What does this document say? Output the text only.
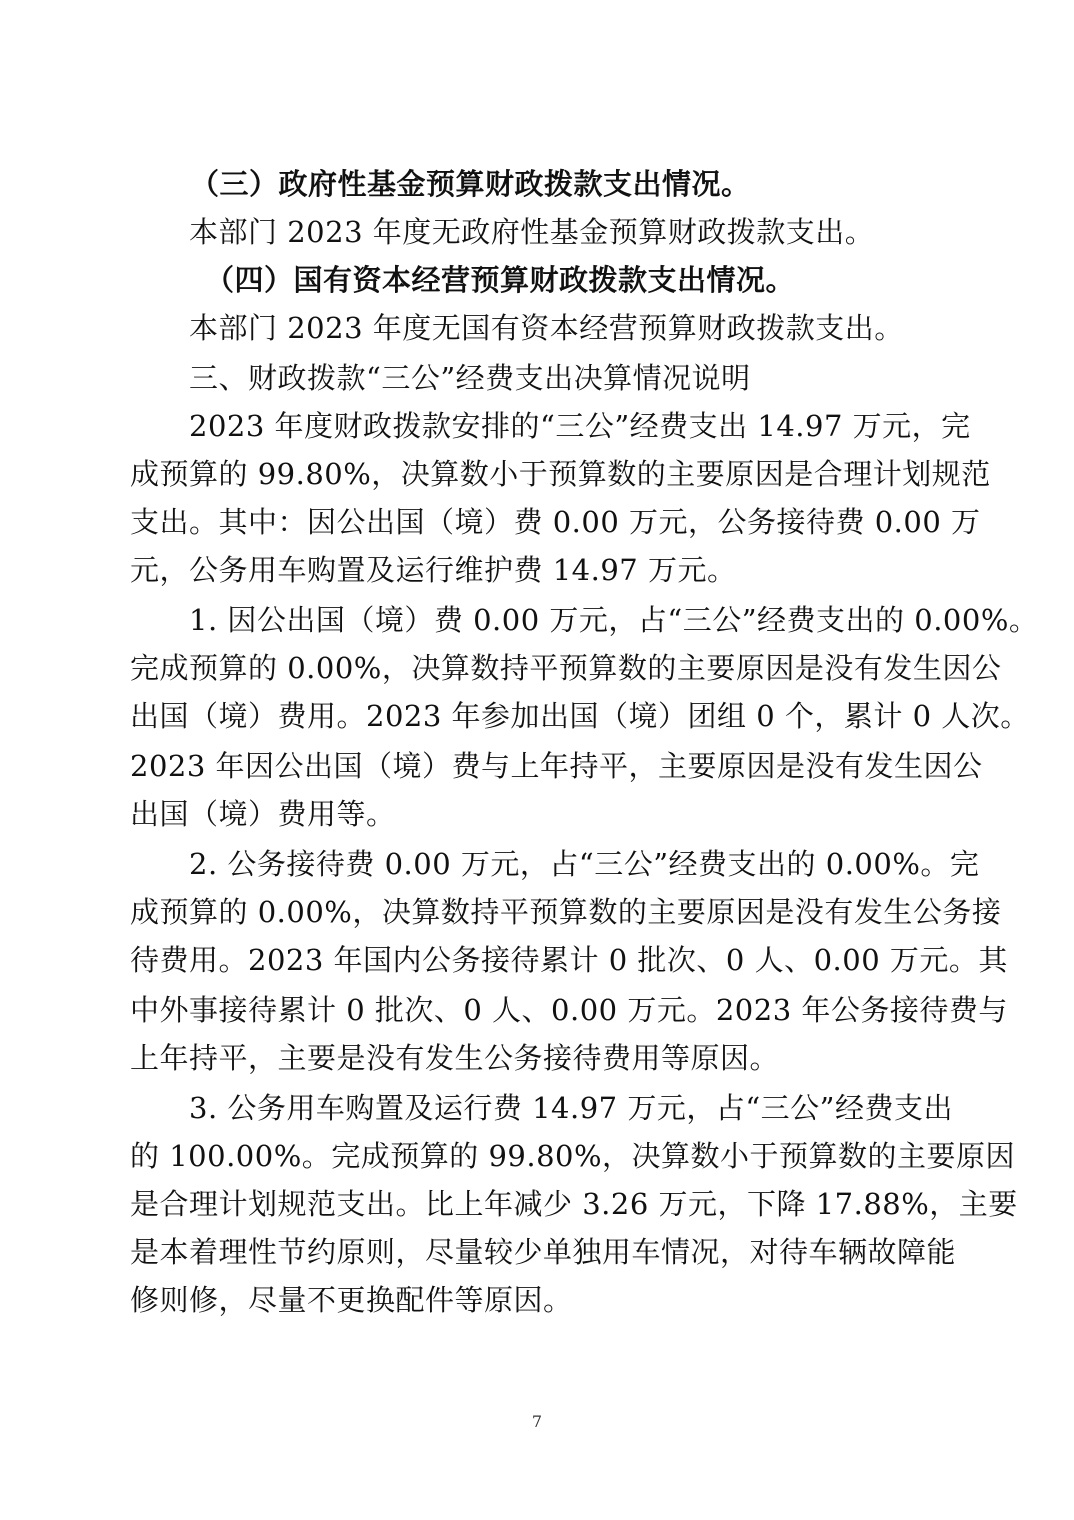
（三）政府性基金预算财政拨款支出情况。
　　本部门 2023 年度无政府性基金预算财政拨款支出。
　（四）国有资本经营预算财政拨款支出情况。
　　本部门 2023 年度无国有资本经营预算财政拨款支出。
　　三、财政拨款“三公”经费支出决算情况说明
　　2023 年度财政拨款安排的“三公”经费支出 14.97 万元，完
成预算的 99.80%，决算数小于预算数的主要原因是合理计划规范
支出。其中：因公出国（境）费 0.00 万元，公务接待费 0.00 万
元，公务用车购置及运行维护费 14.97 万元。
　　1. 因公出国（境）费 0.00 万元，占“三公”经费支出的 0.00%。
完成预算的 0.00%，决算数持平预算数的主要原因是没有发生因公
出国（境）费用。2023 年参加出国（境）团组 0 个，累计 0 人次。
2023 年因公出国（境）费与上年持平，主要原因是没有发生因公
出国（境）费用等。
　　2. 公务接待费 0.00 万元，占“三公”经费支出的 0.00%。完
成预算的 0.00%，决算数持平预算数的主要原因是没有发生公务接
待费用。2023 年国内公务接待累计 0 批次、0 人、0.00 万元。其
中外事接待累计 0 批次、0 人、0.00 万元。2023 年公务接待费与
上年持平，主要是没有发生公务接待费用等原因。
　　3. 公务用车购置及运行费 14.97 万元，占“三公”经费支出
的 100.00%。完成预算的 99.80%，决算数小于预算数的主要原因
是合理计划规范支出。比上年减少 3.26 万元，下降 17.88%，主要
是本着理性节约原则，尽量较少单独用车情况，对待车辆故障能
修则修，尽量不更换配件等原因。
7
